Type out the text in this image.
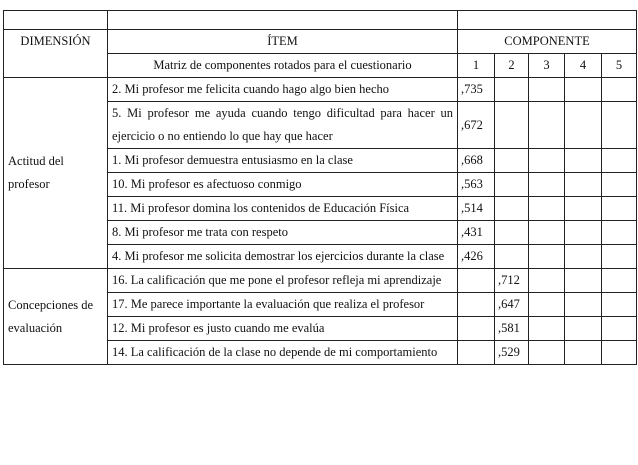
DIMENSIÓN	ÍTEM	COMPONENTE				
	Matriz de componentes rotados para el cuestionario	1	2	3	4	5
Actitud del profesor	2. Mi profesor me felicita cuando hago algo bien hecho	,735				
	5. Mi profesor me ayuda cuando tengo dificultad para hacer un ejercicio o no entiendo lo que hay que hacer	,672				
	1. Mi profesor demuestra entusiasmo en la clase	,668				
	10. Mi profesor es afectuoso conmigo	,563				
	11. Mi profesor domina los contenidos de Educación Física	,514				
	8. Mi profesor me trata con respeto	,431				
	4. Mi profesor me solicita demostrar los ejercicios durante la clase	,426				
Concepciones de evaluación	16. La calificación que me pone el profesor refleja mi aprendizaje		,712			
	17. Me parece importante la evaluación que realiza el profesor		,647			
	12. Mi profesor es justo cuando me evalúa		,581			
	14. La calificación de la clase no depende de mi comportamiento		,529			
